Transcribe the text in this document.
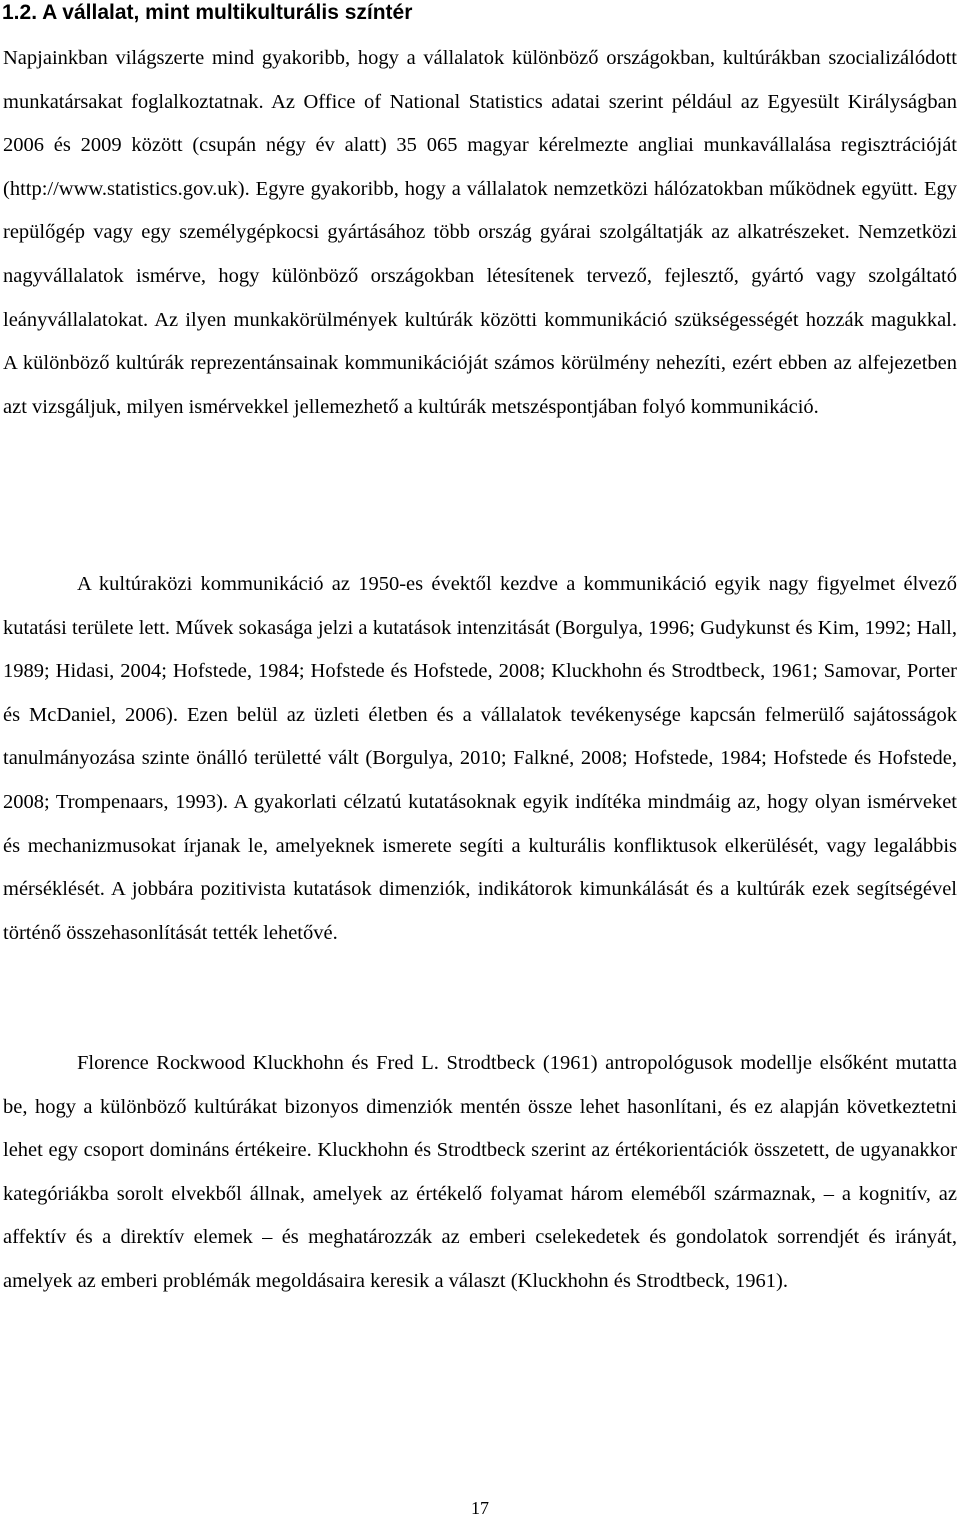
1.2. A vállalat, mint multikulturális színtér

Napjainkban világszerte mind gyakoribb, hogy a vállalatok különböző országokban, kultúrákban szocializálódott munkatársakat foglalkoztatnak. Az Office of National Statistics adatai szerint például az Egyesült Királyságban 2006 és 2009 között (csupán négy év alatt) 35 065 magyar kérelmezte angliai munkavállalása regisztrációját (http://www.statistics.gov.uk). Egyre gyakoribb, hogy a vállalatok nemzetközi hálózatokban működnek együtt. Egy repülőgép vagy egy személygépkocsi gyártásához több ország gyárai szolgáltatják az alkatrészeket. Nemzetközi nagyvállalatok ismérve, hogy különböző országokban létesítenek tervező, fejlesztő, gyártó vagy szolgáltató leányvállalatokat. Az ilyen munkakörülmények kultúrák közötti kommunikáció szükségességét hozzák magukkal. A különböző kultúrák reprezentánsainak kommunikációját számos körülmény nehezíti, ezért ebben az alfejezetben azt vizsgáljuk, milyen ismérvekkel jellemezhető a kultúrák metszéspontjában folyó kommunikáció.

A kultúraközi kommunikáció az 1950-es évektől kezdve a kommunikáció egyik nagy figyelmet élvező kutatási területe lett. Művek sokasága jelzi a kutatások intenzitását (Borgulya, 1996; Gudykunst és Kim, 1992; Hall, 1989; Hidasi, 2004; Hofstede, 1984; Hofstede és Hofstede, 2008; Kluckhohn és Strodtbeck, 1961; Samovar, Porter és McDaniel, 2006). Ezen belül az üzleti életben és a vállalatok tevékenysége kapcsán felmerülő sajátosságok tanulmányozása szinte önálló területté vált (Borgulya, 2010; Falkné, 2008; Hofstede, 1984; Hofstede és Hofstede, 2008; Trompenaars, 1993). A gyakorlati célzatú kutatásoknak egyik indítéka mindmáig az, hogy olyan ismérveket és mechanizmusokat írjanak le, amelyeknek ismerete segíti a kulturális konfliktusok elkerülését, vagy legalábbis mérséklését. A jobbára pozitivista kutatások dimenziók, indikátorok kimunkálását és a kultúrák ezek segítségével történő összehasonlítását tették lehetővé.

Florence Rockwood Kluckhohn és Fred L. Strodtbeck (1961) antropológusok modellje elsőként mutatta be, hogy a különböző kultúrákat bizonyos dimenziók mentén össze lehet hasonlítani, és ez alapján következtetni lehet egy csoport domináns értékeire. Kluckhohn és Strodtbeck szerint az értékorientációk összetett, de ugyanakkor kategóriákba sorolt elvekből állnak, amelyek az értékelő folyamat három eleméből származnak, – a kognitív, az affektív és a direktív elemek – és meghatározzák az emberi cselekedetek és gondolatok sorrendjét és irányát, amelyek az emberi problémák megoldásaira keresik a választ (Kluckhohn és Strodtbeck, 1961).

17
